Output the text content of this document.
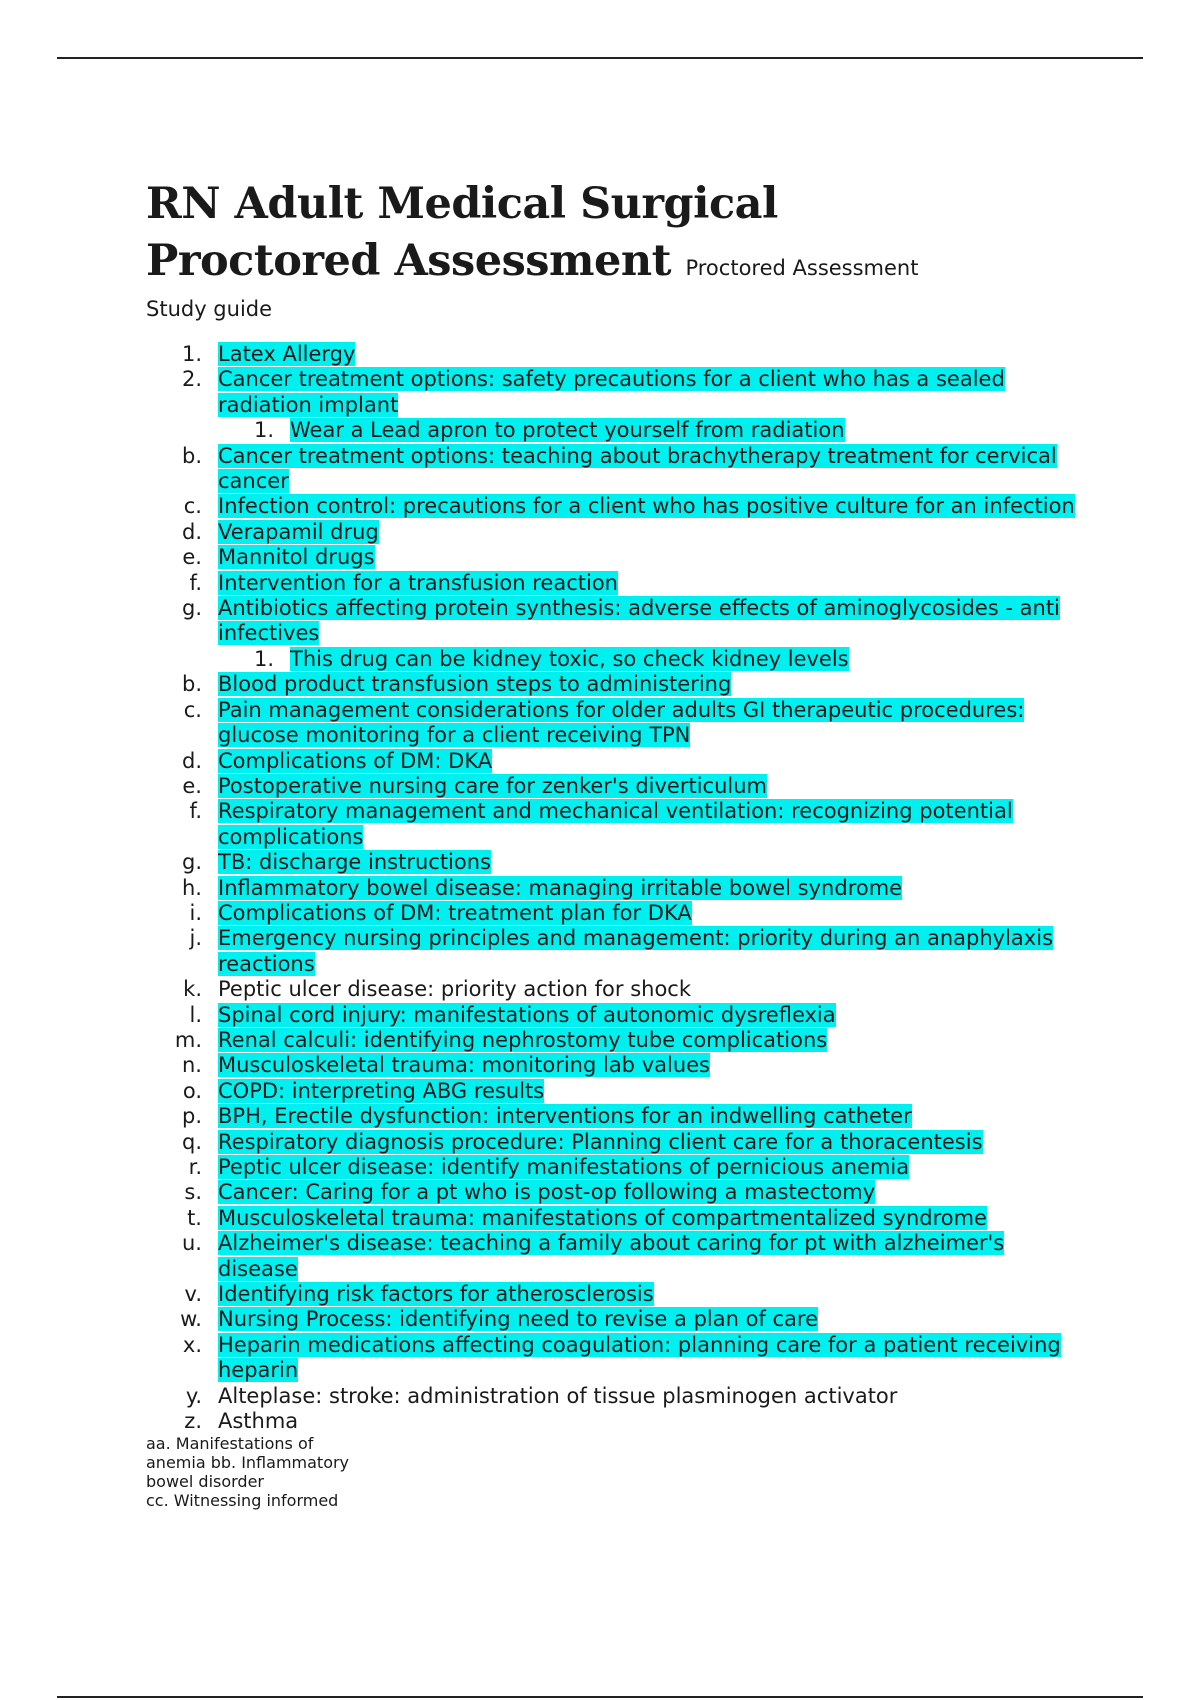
RN Adult Medical Surgical
Proctored Assessment Proctored Assessment
Study guide
1. Latex Allergy
2. Cancer treatment options: safety precautions for a client who has a sealed radiation implant
1. Wear a Lead apron to protect yourself from radiation
b. Cancer treatment options: teaching about brachytherapy treatment for cervical cancer
c. Infection control: precautions for a client who has positive culture for an infection
d. Verapamil drug
e. Mannitol drugs
f. Intervention for a transfusion reaction
g. Antibiotics affecting protein synthesis: adverse effects of aminoglycosides - anti infectives
1. This drug can be kidney toxic, so check kidney levels
b. Blood product transfusion steps to administering
c. Pain management considerations for older adults GI therapeutic procedures: glucose monitoring for a client receiving TPN
d. Complications of DM: DKA
e. Postoperative nursing care for zenker's diverticulum
f. Respiratory management and mechanical ventilation: recognizing potential complications
g. TB: discharge instructions
h. Inflammatory bowel disease: managing irritable bowel syndrome
i. Complications of DM: treatment plan for DKA
j. Emergency nursing principles and management: priority during an anaphylaxis reactions
k. Peptic ulcer disease: priority action for shock
l. Spinal cord injury: manifestations of autonomic dysreflexia
m. Renal calculi: identifying nephrostomy tube complications
n. Musculoskeletal trauma: monitoring lab values
o. COPD: interpreting ABG results
p. BPH, Erectile dysfunction: interventions for an indwelling catheter
q. Respiratory diagnosis procedure: Planning client care for a thoracentesis
r. Peptic ulcer disease: identify manifestations of pernicious anemia
s. Cancer: Caring for a pt who is post-op following a mastectomy
t. Musculoskeletal trauma: manifestations of compartmentalized syndrome
u. Alzheimer's disease: teaching a family about caring for pt with alzheimer's disease
v. Identifying risk factors for atherosclerosis
w. Nursing Process: identifying need to revise a plan of care
x. Heparin medications affecting coagulation: planning care for a patient receiving heparin
y. Alteplase: stroke: administration of tissue plasminogen activator
z. Asthma
aa. Manifestations of
anemia bb. Inflammatory
bowel disorder
cc. Witnessing informed
